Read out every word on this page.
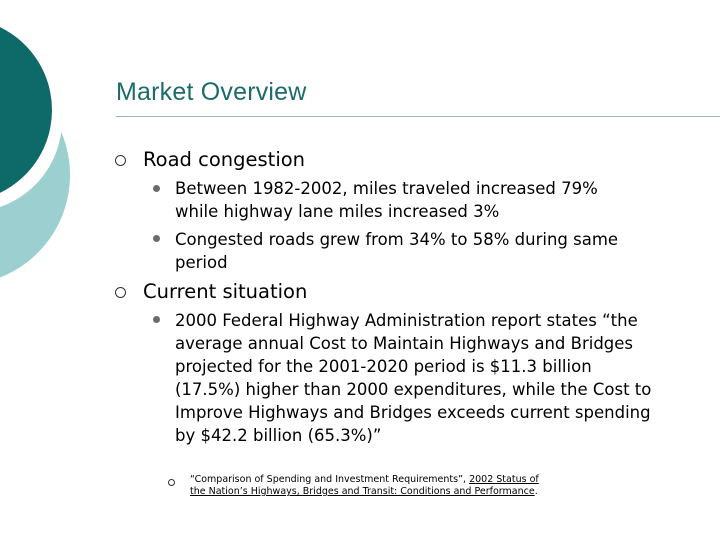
Market Overview
Road congestion
Between 1982-2002, miles traveled increased 79% while highway lane miles increased 3%
Congested roads grew from 34% to 58% during same period
Current situation
2000 Federal Highway Administration report states “the average annual Cost to Maintain Highways and Bridges projected for the 2001-2020 period is $11.3 billion (17.5%) higher than 2000 expenditures, while the Cost to Improve Highways and Bridges exceeds current spending by $42.2 billion (65.3%)”
“Comparison of Spending and Investment Requirements”, 2002 Status of the Nation’s Highways, Bridges and Transit: Conditions and Performance.
